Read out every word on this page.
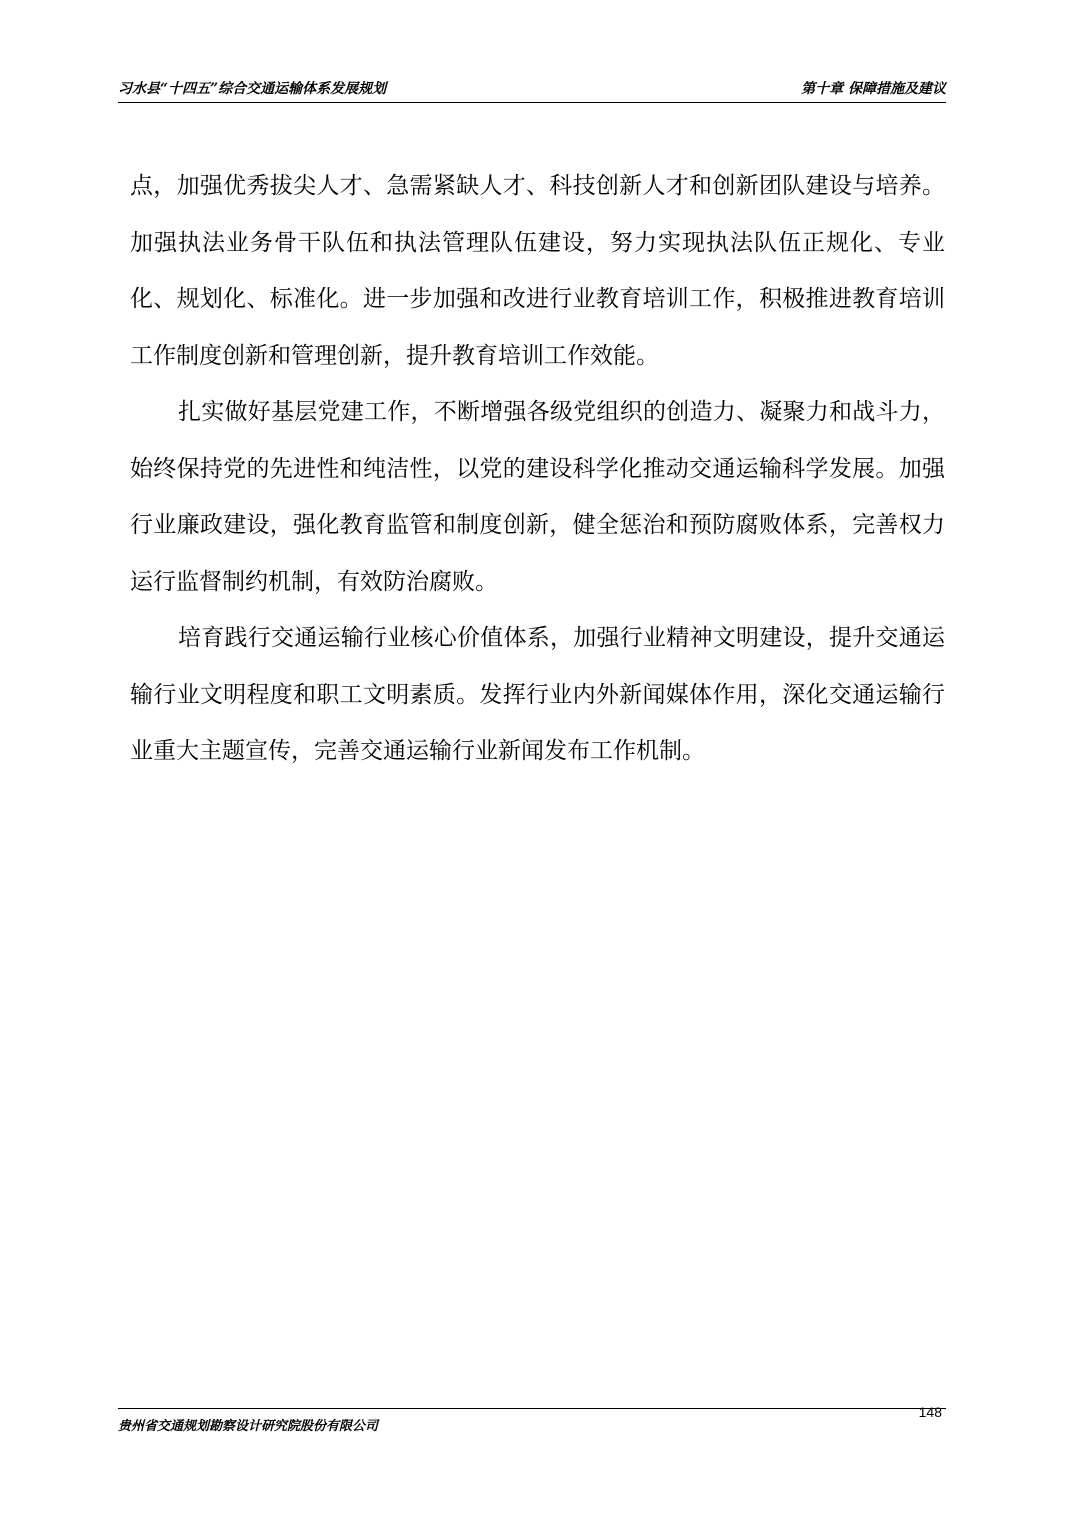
习水县“十四五”综合交通运输体系发展规划	第十章 保障措施及建议

点，加强优秀拔尖人才、急需紧缺人才、科技创新人才和创新团队建设与培养。加强执法业务骨干队伍和执法管理队伍建设，努力实现执法队伍正规化、专业化、规划化、标准化。进一步加强和改进行业教育培训工作，积极推进教育培训工作制度创新和管理创新，提升教育培训工作效能。

扎实做好基层党建工作，不断增强各级党组织的创造力、凝聚力和战斗力，始终保持党的先进性和纯洁性，以党的建设科学化推动交通运输科学发展。加强行业廉政建设，强化教育监管和制度创新，健全惩治和预防腐败体系，完善权力运行监督制约机制，有效防治腐败。

培育践行交通运输行业核心价值体系，加强行业精神文明建设，提升交通运输行业文明程度和职工文明素质。发挥行业内外新闻媒体作用，深化交通运输行业重大主题宣传，完善交通运输行业新闻发布工作机制。

贵州省交通规划勘察设计研究院股份有限公司
148
